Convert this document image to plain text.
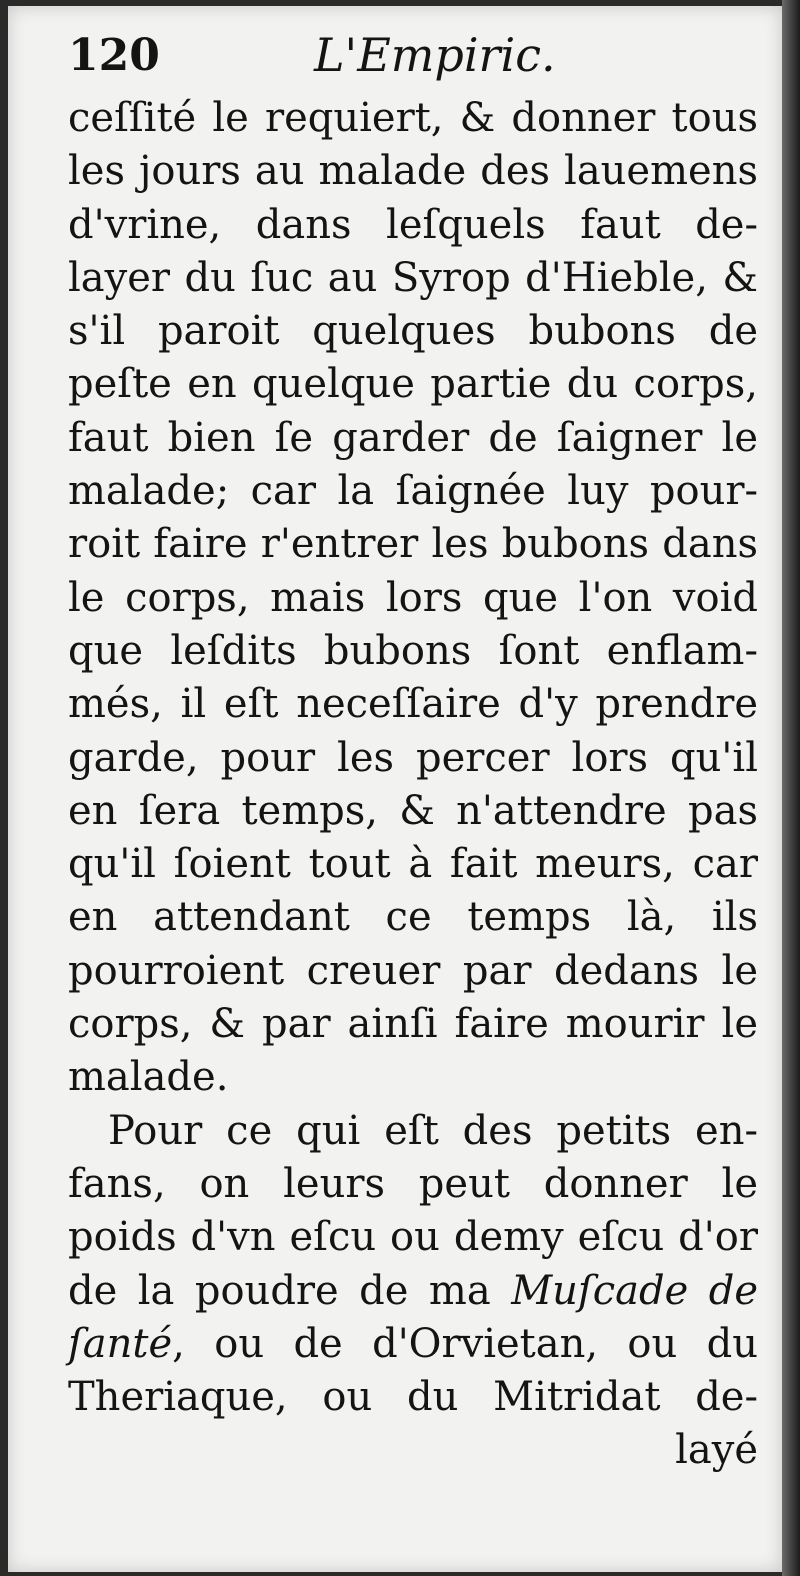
120	L'Empiric.
ceſſité le requiert, & donner tous
les jours au malade des lauemens
d'vrine, dans leſquels faut de-
layer du ſuc au Syrop d'Hieble, &
s'il paroit quelques bubons de
peſte en quelque partie du corps,
faut bien ſe garder de ſaigner le
malade; car la ſaignée luy pour-
roit faire r'entrer les bubons dans
le corps, mais lors que l'on void
que leſdits bubons ſont enflam-
més, il eſt neceſſaire d'y prendre
garde, pour les percer lors qu'il
en ſera temps, & n'attendre pas
qu'il ſoient tout à fait meurs, car
en attendant ce temps là, ils
pourroient creuer par dedans le
corps, & par ainſi faire mourir le
malade.
Pour ce qui eſt des petits en-
fans, on leurs peut donner le
poids d'vn eſcu ou demy eſcu d'or
de la poudre de ma Muſcade de
ſanté, ou de d'Orvietan, ou du
Theriaque, ou du Mitridat de-
layé
